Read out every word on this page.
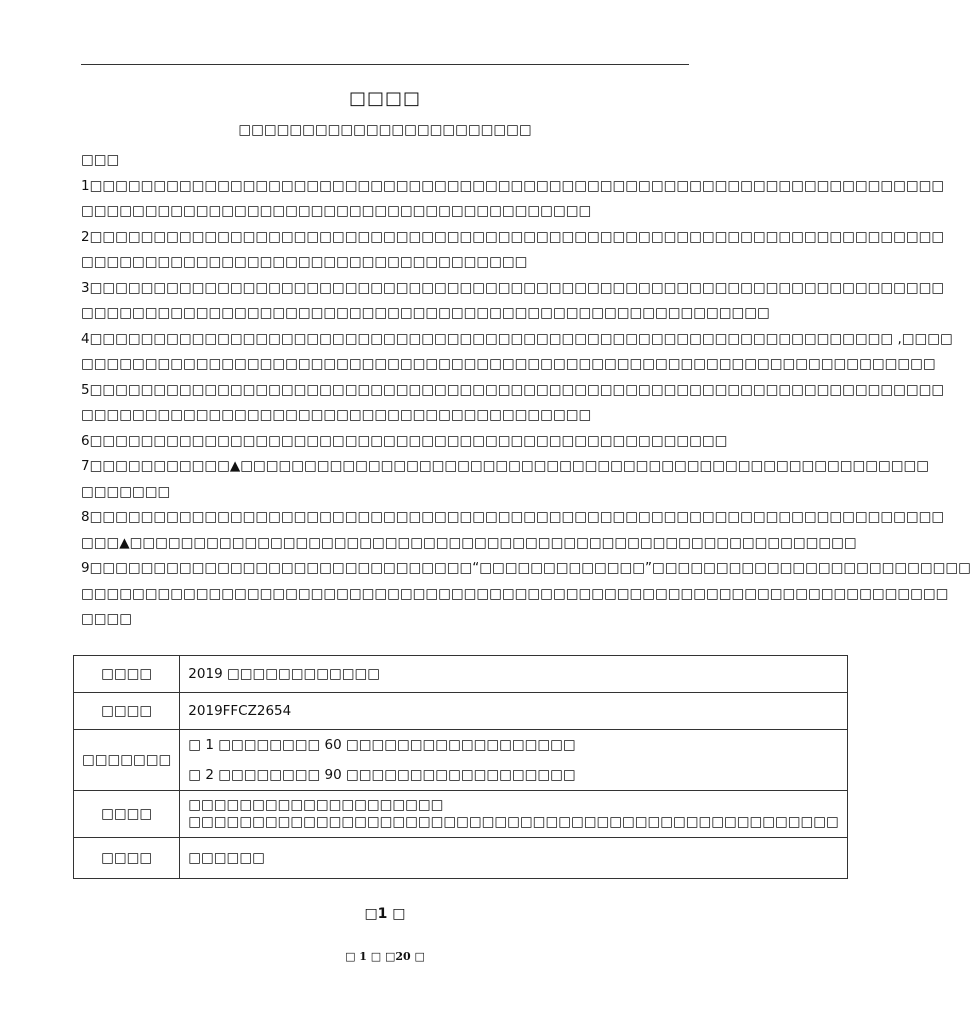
□□□□
□□□□□□□□□□□□□□□□□□□□□□□

□□□

1□□□□□□□□□□□□□□□□□□□□□□□□□□□□□□□□□□□□□□□□□□□□□□□□□□□□□□□□□□□□□□□□□□□

□□□□□□□□□□□□□□□□□□□□□□□□□□□□□□□□□□□□□□□□

2□□□□□□□□□□□□□□□□□□□□□□□□□□□□□□□□□□□□□□□□□□□□□□□□□□□□□□□□□□□□□□□□□□□

□□□□□□□□□□□□□□□□□□□□□□□□□□□□□□□□□□□

3□□□□□□□□□□□□□□□□□□□□□□□□□□□□□□□□□□□□□□□□□□□□□□□□□□□□□□□□□□□□□□□□□□□

□□□□□□□□□□□□□□□□□□□□□□□□□□□□□□□□□□□□□□□□□□□□□□□□□□□□□□

4□□□□□□□□□□□□□□□□□□□□□□□□□□□□□□□□□□□□□□□□□□□□□□□□□□□□□□□□□□□□□□□ ,□□□□

□□□□□□□□□□□□□□□□□□□□□□□□□□□□□□□□□□□□□□□□□□□□□□□□□□□□□□□□□□□□□□□□□□□

5□□□□□□□□□□□□□□□□□□□□□□□□□□□□□□□□□□□□□□□□□□□□□□□□□□□□□□□□□□□□□□□□□□□

□□□□□□□□□□□□□□□□□□□□□□□□□□□□□□□□□□□□□□□□

6□□□□□□□□□□□□□□□□□□□□□□□□□□□□□□□□□□□□□□□□□□□□□□□□□□

7□□□□□□□□□□□▲□□□□□□□□□□□□□□□□□□□□□□□□□□□□□□□□□□□□□□□□□□□□□□□□□□□□□□

□□□□□□□

8□□□□□□□□□□□□□□□□□□□□□□□□□□□□□□□□□□□□□□□□□□□□□□□□□□□□□□□□□□□□□□□□□□□

□□□▲□□□□□□□□□□□□□□□□□□□□□□□□□□□□□□□□□□□□□□□□□□□□□□□□□□□□□□□□□

9□□□□□□□□□□□□□□□□□□□□□□□□□□□□□□“□□□□□□□□□□□□□”□□□□□□□□□□□□□□□□□□□□□□□□□

□□□□□□□□□□□□□□□□□□□□□□□□□□□□□□□□□□□□□□□□□□□□□□□□□□□□□□□□□□□□□□□□□□□□

□□□□

□□□□	2019 □□□□□□□□□□□□
□□□□	2019FFCZ2654
□□□□□□□	□ 1 □□□□□□□□ 60 □□□□□□□□□□□□□□□□□□
□ 2 □□□□□□□□ 90 □□□□□□□□□□□□□□□□□□

□□□□	□□□□□□□□□□□□□□□□□□□□
□□□□□□□□□□□□□□□□□□□□□□□□□□□□□□□□□□□□□□□□□□□□□□□□□□□

□□□□	□□□□□□
□1 □
□ 1 □ □20 □
